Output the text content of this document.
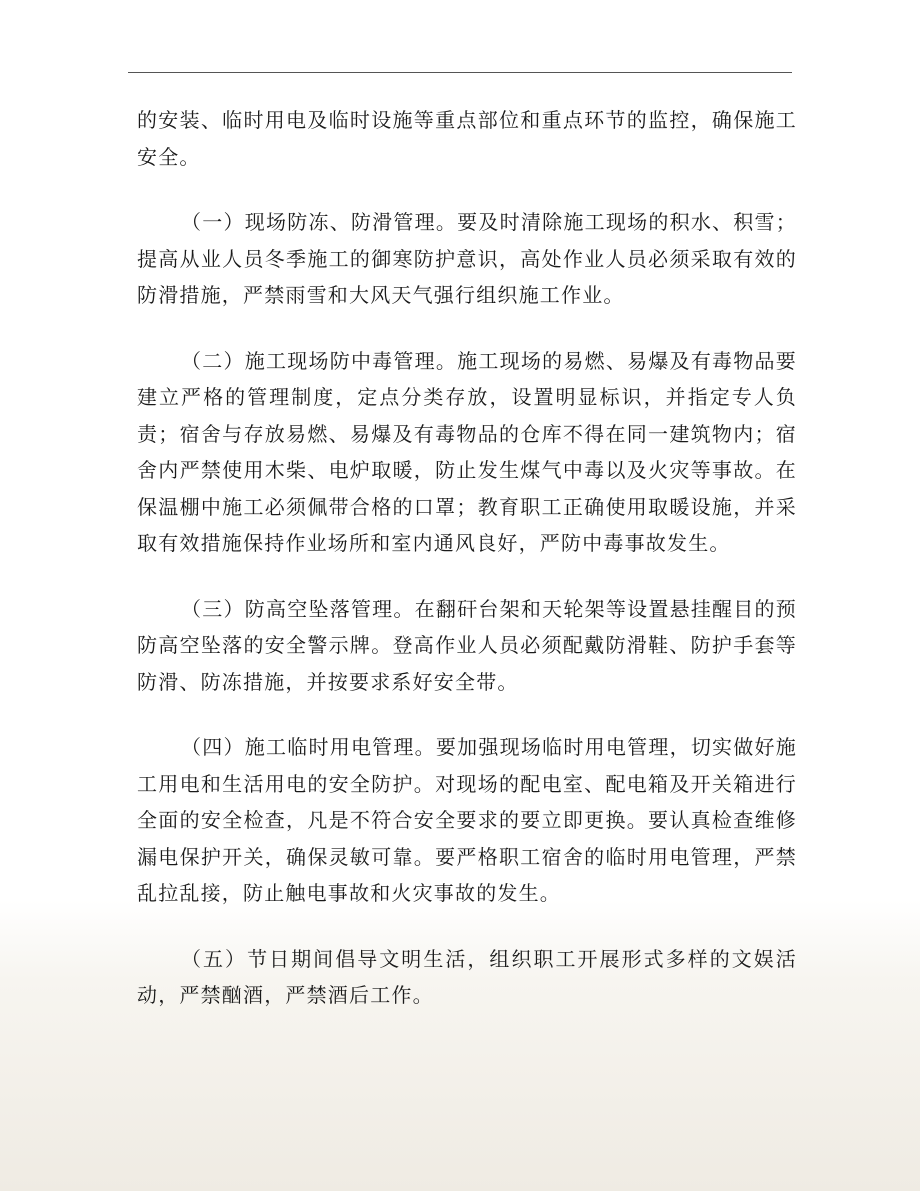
的安装、临时用电及临时设施等重点部位和重点环节的监控，确保施工安全。

（一）现场防冻、防滑管理。要及时清除施工现场的积水、积雪；提高从业人员冬季施工的御寒防护意识，高处作业人员必须采取有效的防滑措施，严禁雨雪和大风天气强行组织施工作业。

（二）施工现场防中毒管理。施工现场的易燃、易爆及有毒物品要建立严格的管理制度，定点分类存放，设置明显标识，并指定专人负责；宿舍与存放易燃、易爆及有毒物品的仓库不得在同一建筑物内；宿舍内严禁使用木柴、电炉取暖，防止发生煤气中毒以及火灾等事故。在保温棚中施工必须佩带合格的口罩；教育职工正确使用取暖设施，并采取有效措施保持作业场所和室内通风良好，严防中毒事故发生。

（三）防高空坠落管理。在翻矸台架和天轮架等设置悬挂醒目的预防高空坠落的安全警示牌。登高作业人员必须配戴防滑鞋、防护手套等防滑、防冻措施，并按要求系好安全带。

（四）施工临时用电管理。要加强现场临时用电管理，切实做好施工用电和生活用电的安全防护。对现场的配电室、配电箱及开关箱进行全面的安全检查，凡是不符合安全要求的要立即更换。要认真检查维修漏电保护开关，确保灵敏可靠。要严格职工宿舍的临时用电管理，严禁乱拉乱接，防止触电事故和火灾事故的发生。

（五）节日期间倡导文明生活，组织职工开展形式多样的文娱活动，严禁酗酒，严禁酒后工作。
